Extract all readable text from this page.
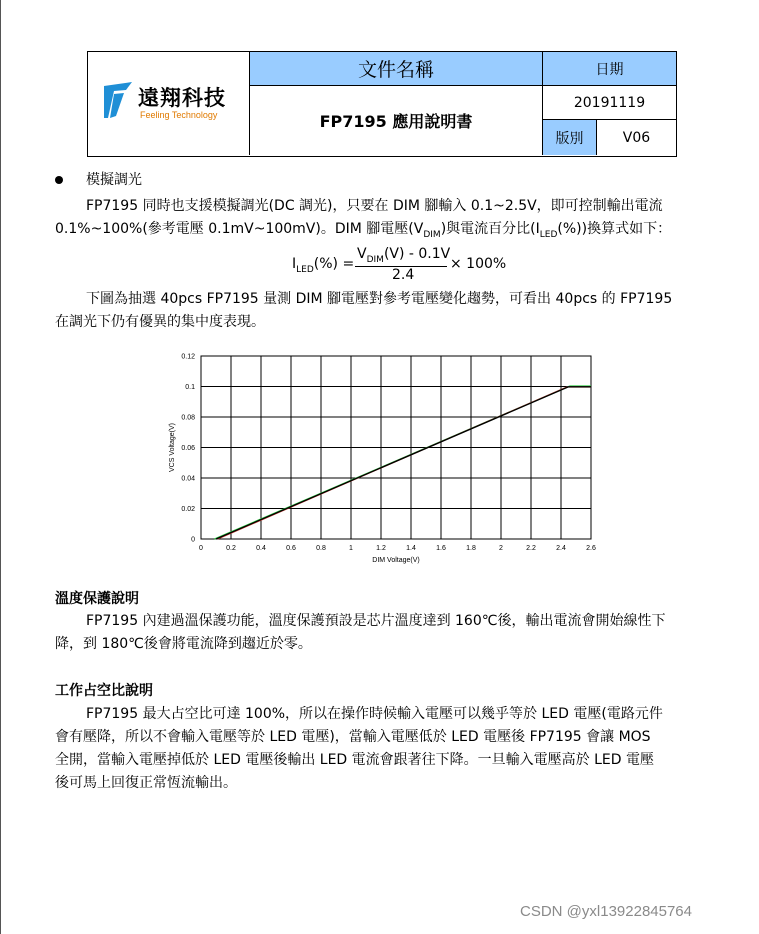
遠翔科技
Feeling Technology
文件名稱
FP7195 應用說明書
日期
20191119
版別	V06
模擬調光
FP7195 同時也支援模擬調光(DC 調光)，只要在 DIM 腳輸入 0.1~2.5V，即可控制輸出電流
0.1%~100%(參考電壓 0.1mV~100mV)。DIM 腳電壓$(V_{DIM})$與電流百分比$(I_{LED}(\%))$換算式如下：
$I_{LED}(\%)$ =
$V_{DIM}(V) - 0.1V$
2.4
× 100%
下圖為抽選 40pcs FP7195 量測 DIM 腳電壓對參考電壓變化趨勢，可看出 40pcs 的 FP7195
在調光下仍有優異的集中度表現。
0	0.2	0.4	0.6	0.8	1	1.2	1.4	1.6	1.8	2	2.2	2.4	2.6
0
0.02
0.04
0.06
0.08
0.1
0.12
DIM Voltage(V)
VCS Voltage(V)
溫度保護說明
FP7195 內建過溫保護功能，溫度保護預設是芯片溫度達到 160℃後，輸出電流會開始線性下
降，到 180℃後會將電流降到趨近於零。
工作占空比說明
FP7195 最大占空比可達 100%，所以在操作時候輸入電壓可以幾乎等於 LED 電壓(電路元件
會有壓降，所以不會輸入電壓等於 LED 電壓)，當輸入電壓低於 LED 電壓後 FP7195 會讓 MOS
全開，當輸入電壓掉低於 LED 電壓後輸出 LED 電流會跟著往下降。一旦輸入電壓高於 LED 電壓
後可馬上回復正常恆流輸出。
CSDN @yxl13922845764
